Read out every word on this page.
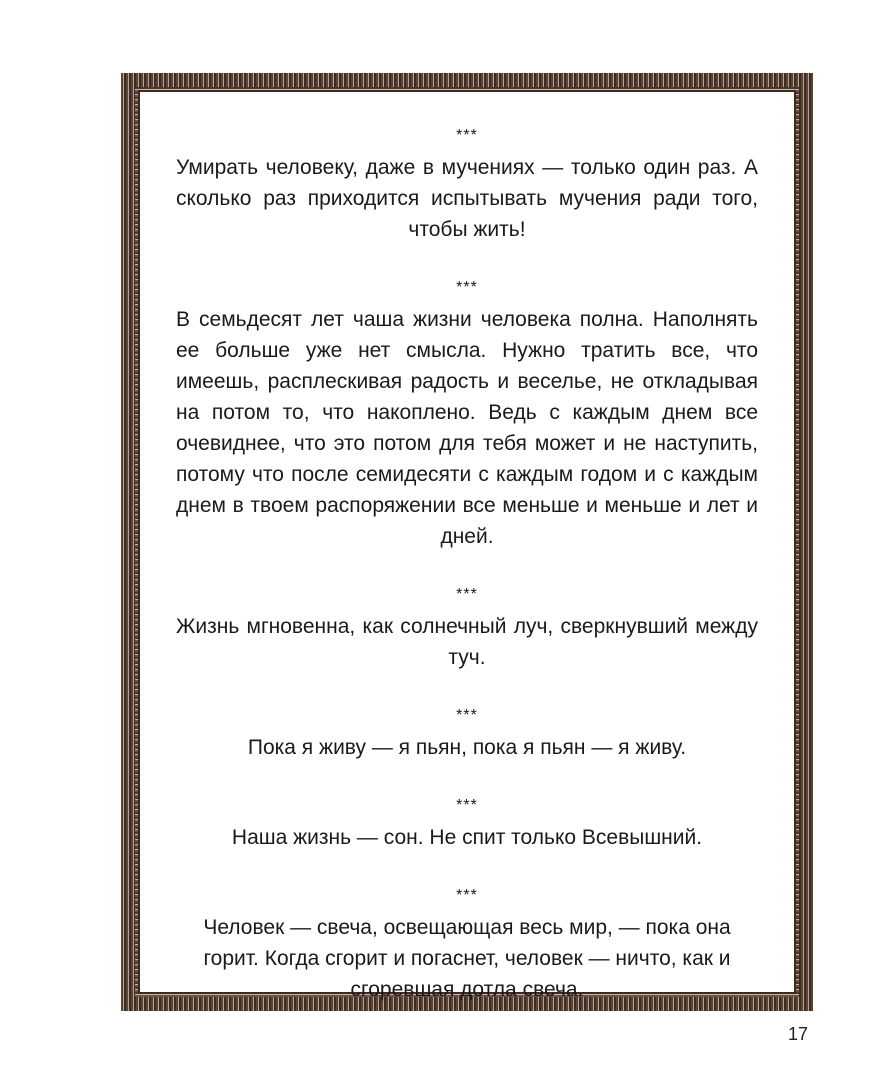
***
Умирать человеку, даже в мучениях — только один раз. А сколько раз приходится испытывать мучения ради того, чтобы жить!
***
В семьдесят лет чаша жизни человека полна. Наполнять ее больше уже нет смысла. Нужно тратить все, что имеешь, расплескивая радость и веселье, не откладывая на потом то, что накоплено. Ведь с каждым днем все очевиднее, что это потом для тебя может и не наступить, потому что после семидесяти с каждым годом и с каждым днем в твоем распоряжении все меньше и меньше и лет и дней.
***
Жизнь мгновенна, как солнечный луч, сверкнувший между туч.
***
Пока я живу — я пьян, пока я пьян — я живу.
***
Наша жизнь — сон. Не спит только Всевышний.
***
Человек — свеча, освещающая весь мир, — пока она горит. Когда сгорит и погаснет, человек — ничто, как и сгоревшая дотла свеча.
17
